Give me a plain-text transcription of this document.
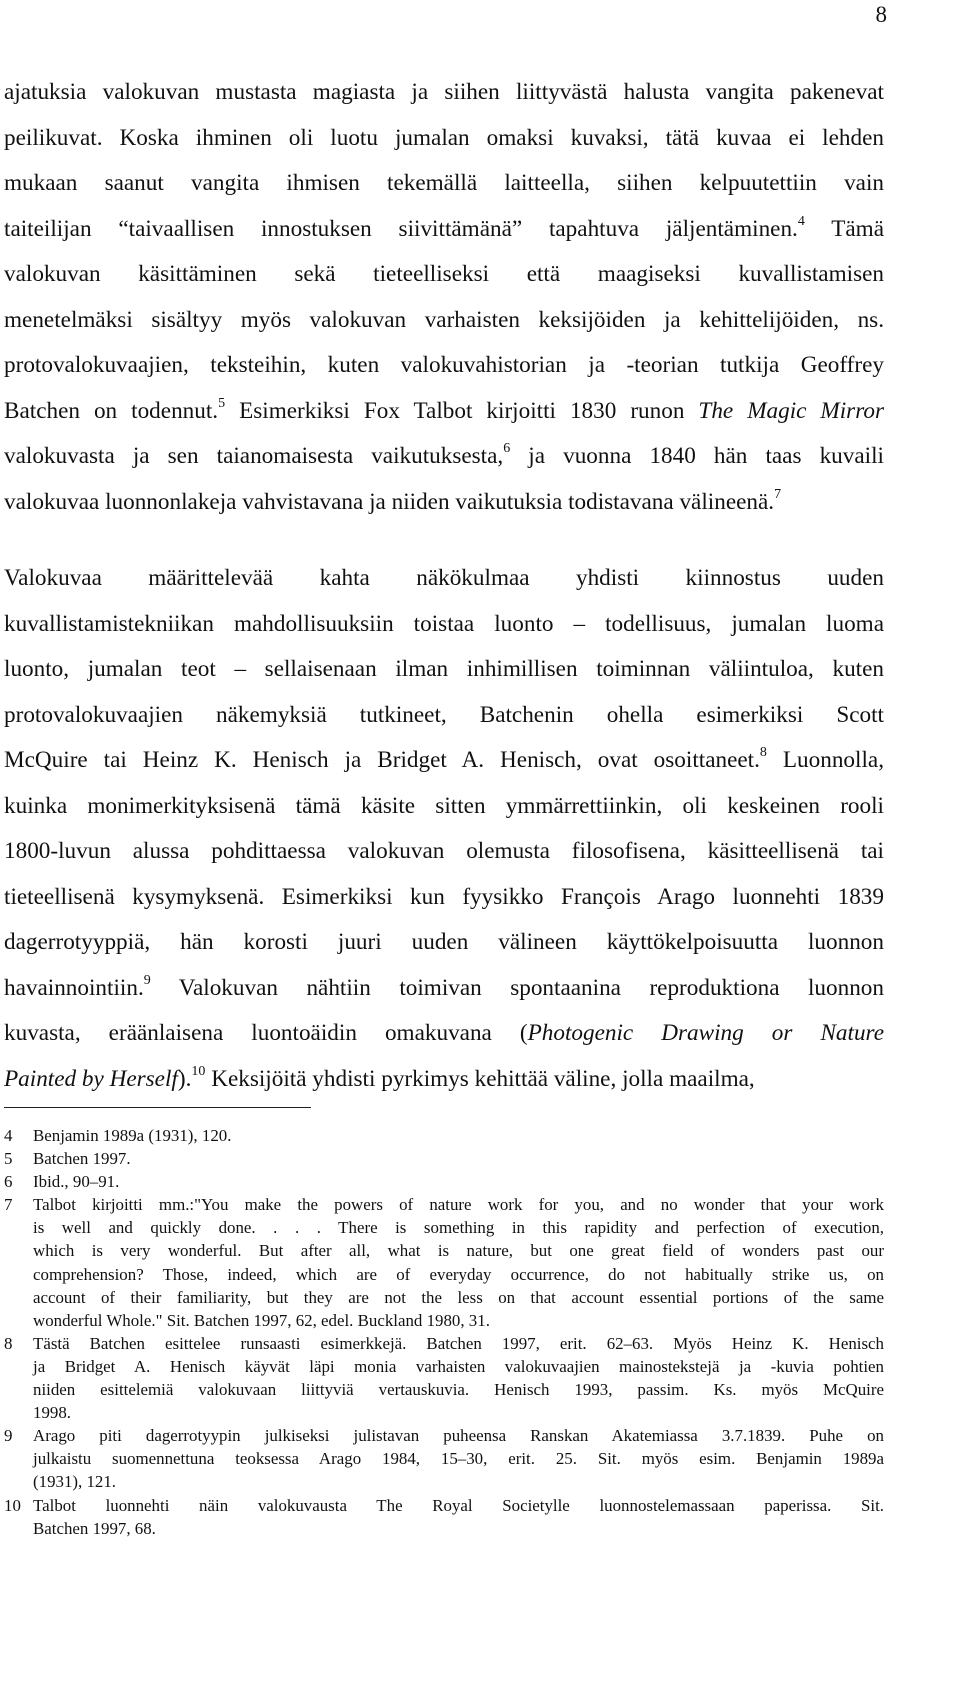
8

ajatuksia valokuvan mustasta magiasta ja siihen liittyvästä halusta vangita pakenevat
peilikuvat. Koska ihminen oli luotu jumalan omaksi kuvaksi, tätä kuvaa ei lehden
mukaan saanut vangita ihmisen tekemällä laitteella, siihen kelpuutettiin vain
taiteilijan “taivaallisen innostuksen siivittämänä” tapahtuva jäljentäminen.$^4$ Tämä
valokuvan käsittäminen sekä tieteelliseksi että maagiseksi kuvallistamisen
menetelmäksi sisältyy myös valokuvan varhaisten keksijöiden ja kehittelijöiden, ns.
protovalokuvaajien, teksteihin, kuten valokuvahistorian ja -teorian tutkija Geoffrey
Batchen on todennut.$^5$ Esimerkiksi Fox Talbot kirjoitti 1830 runon The Magic Mirror
valokuvasta ja sen taianomaisesta vaikutuksesta,$^6$ ja vuonna 1840 hän taas kuvaili
valokuvaa luonnonlakeja vahvistavana ja niiden vaikutuksia todistavana välineenä.$^7$

Valokuvaa määrittelevää kahta näkökulmaa yhdisti kiinnostus uuden
kuvallistamistekniikan mahdollisuuksiin toistaa luonto – todellisuus, jumalan luoma
luonto, jumalan teot – sellaisenaan ilman inhimillisen toiminnan väliintuloa, kuten
protovalokuvaajien näkemyksiä tutkineet, Batchenin ohella esimerkiksi Scott
McQuire tai Heinz K. Henisch ja Bridget A. Henisch, ovat osoittaneet.$^8$ Luonnolla,
kuinka monimerkityksisenä tämä käsite sitten ymmärrettiinkin, oli keskeinen rooli
1800-luvun alussa pohdittaessa valokuvan olemusta filosofisena, käsitteellisenä tai
tieteellisenä kysymyksenä. Esimerkiksi kun fyysikko François Arago luonnehti 1839
dagerrotyyppiä, hän korosti juuri uuden välineen käyttökelpoisuutta luonnon
havainnointiin.$^9$ Valokuvan nähtiin toimivan spontaanina reproduktiona luonnon
kuvasta, eräänlaisena luontoäidin omakuvana (Photogenic Drawing or Nature
Painted by Herself).$^{10}$ Keksijöitä yhdisti pyrkimys kehittää väline, jolla maailma,

4	Benjamin 1989a (1931), 120.
5	Batchen 1997.
6	Ibid., 90–91.
7	Talbot kirjoitti mm.:"You make the powers of nature work for you, and no wonder that your work
is well and quickly done. . . . There is something in this rapidity and perfection of execution,
which is very wonderful. But after all, what is nature, but one great field of wonders past our
comprehension? Those, indeed, which are of everyday occurrence, do not habitually strike us, on
account of their familiarity, but they are not the less on that account essential portions of the same
wonderful Whole." Sit. Batchen 1997, 62, edel. Buckland 1980, 31.
8	Tästä Batchen esittelee runsaasti esimerkkejä. Batchen 1997, erit. 62–63. Myös Heinz K. Henisch
ja Bridget A. Henisch käyvät läpi monia varhaisten valokuvaajien mainostekstejä ja -kuvia pohtien
niiden esittelemiä valokuvaan liittyviä vertauskuvia. Henisch 1993, passim. Ks. myös McQuire
1998.
9	Arago piti dagerrotyypin julkiseksi julistavan puheensa Ranskan Akatemiassa 3.7.1839. Puhe on
julkaistu suomennettuna teoksessa Arago 1984, 15–30, erit. 25. Sit. myös esim. Benjamin 1989a
(1931), 121.
10 Talbot luonnehti näin valokuvausta The Royal Societylle luonnostelemassaan paperissa. Sit.
Batchen 1997, 68.
